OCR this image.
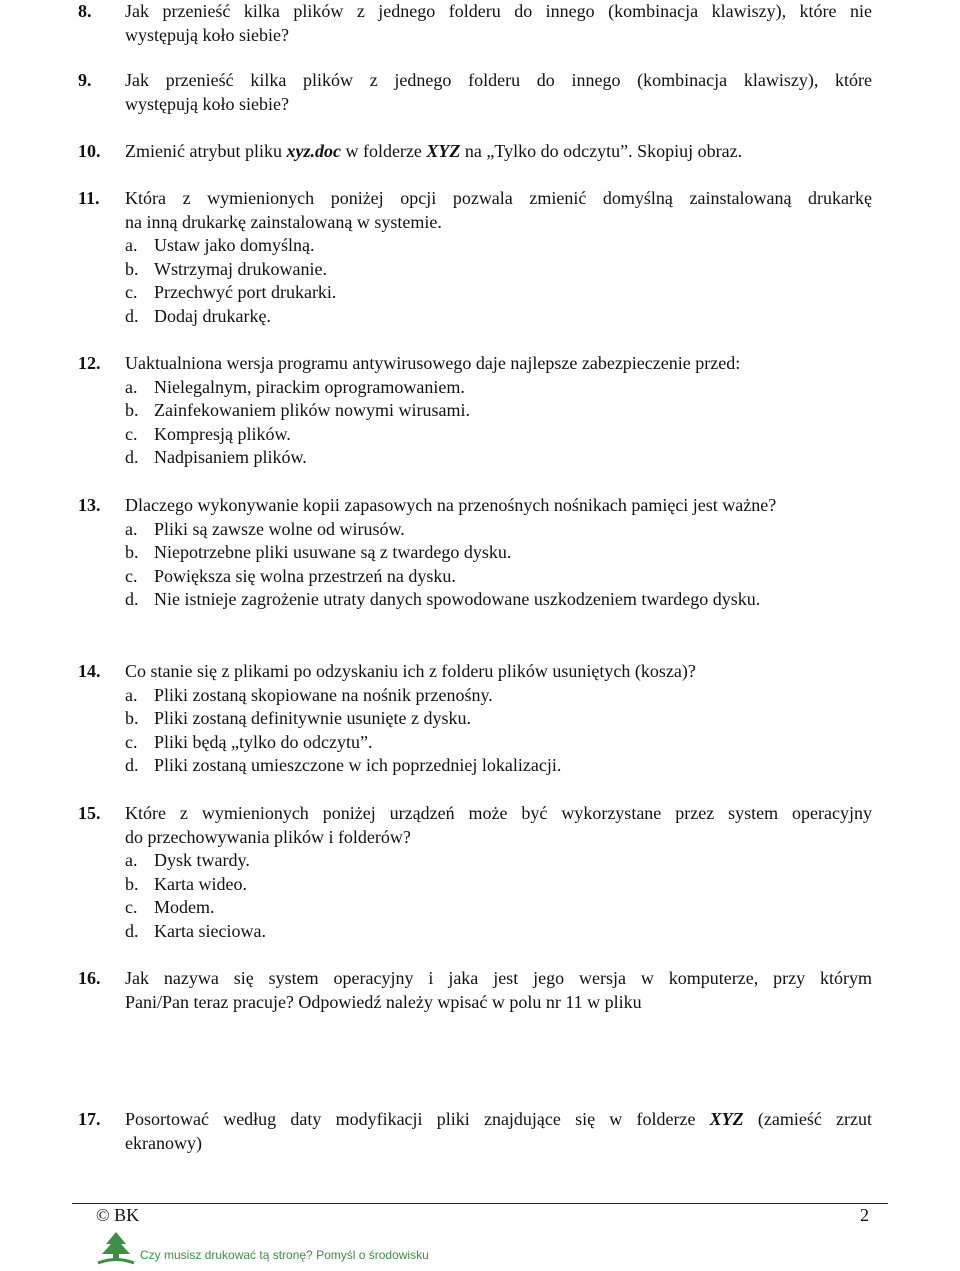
8. Jak przenieść kilka plików z jednego folderu do innego (kombinacja klawiszy), które nie
występują koło siebie?
9. Jak przenieść kilka plików z jednego folderu do innego (kombinacja klawiszy), które
występują koło siebie?
10. Zmienić atrybut pliku xyz.doc w folderze XYZ na „Tylko do odczytu”. Skopiuj obraz.
11. Która z wymienionych poniżej opcji pozwala zmienić domyślną zainstalowaną drukarkę
na inną drukarkę zainstalowaną w systemie.
a. Ustaw jako domyślną.
b. Wstrzymaj drukowanie.
c. Przechwyć port drukarki.
d. Dodaj drukarkę.
12. Uaktualniona wersja programu antywirusowego daje najlepsze zabezpieczenie przed:
a. Nielegalnym, pirackim oprogramowaniem.
b. Zainfekowaniem plików nowymi wirusami.
c. Kompresją plików.
d. Nadpisaniem plików.
13. Dlaczego wykonywanie kopii zapasowych na przenośnych nośnikach pamięci jest ważne?
a. Pliki są zawsze wolne od wirusów.
b. Niepotrzebne pliki usuwane są z twardego dysku.
c. Powiększa się wolna przestrzeń na dysku.
d. Nie istnieje zagrożenie utraty danych spowodowane uszkodzeniem twardego dysku.
14. Co stanie się z plikami po odzyskaniu ich z folderu plików usuniętych (kosza)?
a. Pliki zostaną skopiowane na nośnik przenośny.
b. Pliki zostaną definitywnie usunięte z dysku.
c. Pliki będą „tylko do odczytu”.
d. Pliki zostaną umieszczone w ich poprzedniej lokalizacji.
15. Które z wymienionych poniżej urządzeń może być wykorzystane przez system operacyjny
do przechowywania plików i folderów?
a. Dysk twardy.
b. Karta wideo.
c. Modem.
d. Karta sieciowa.
16. Jak nazywa się system operacyjny i jaka jest jego wersja w komputerze, przy którym
Pani/Pan teraz pracuje? Odpowiedź należy wpisać w polu nr 11 w pliku
17. Posortować według daty modyfikacji pliki znajdujące się w folderze XYZ (zamieść zrzut
ekranowy)
© BK	2
Czy musisz drukować tą stronę? Pomyśl o środowisku
